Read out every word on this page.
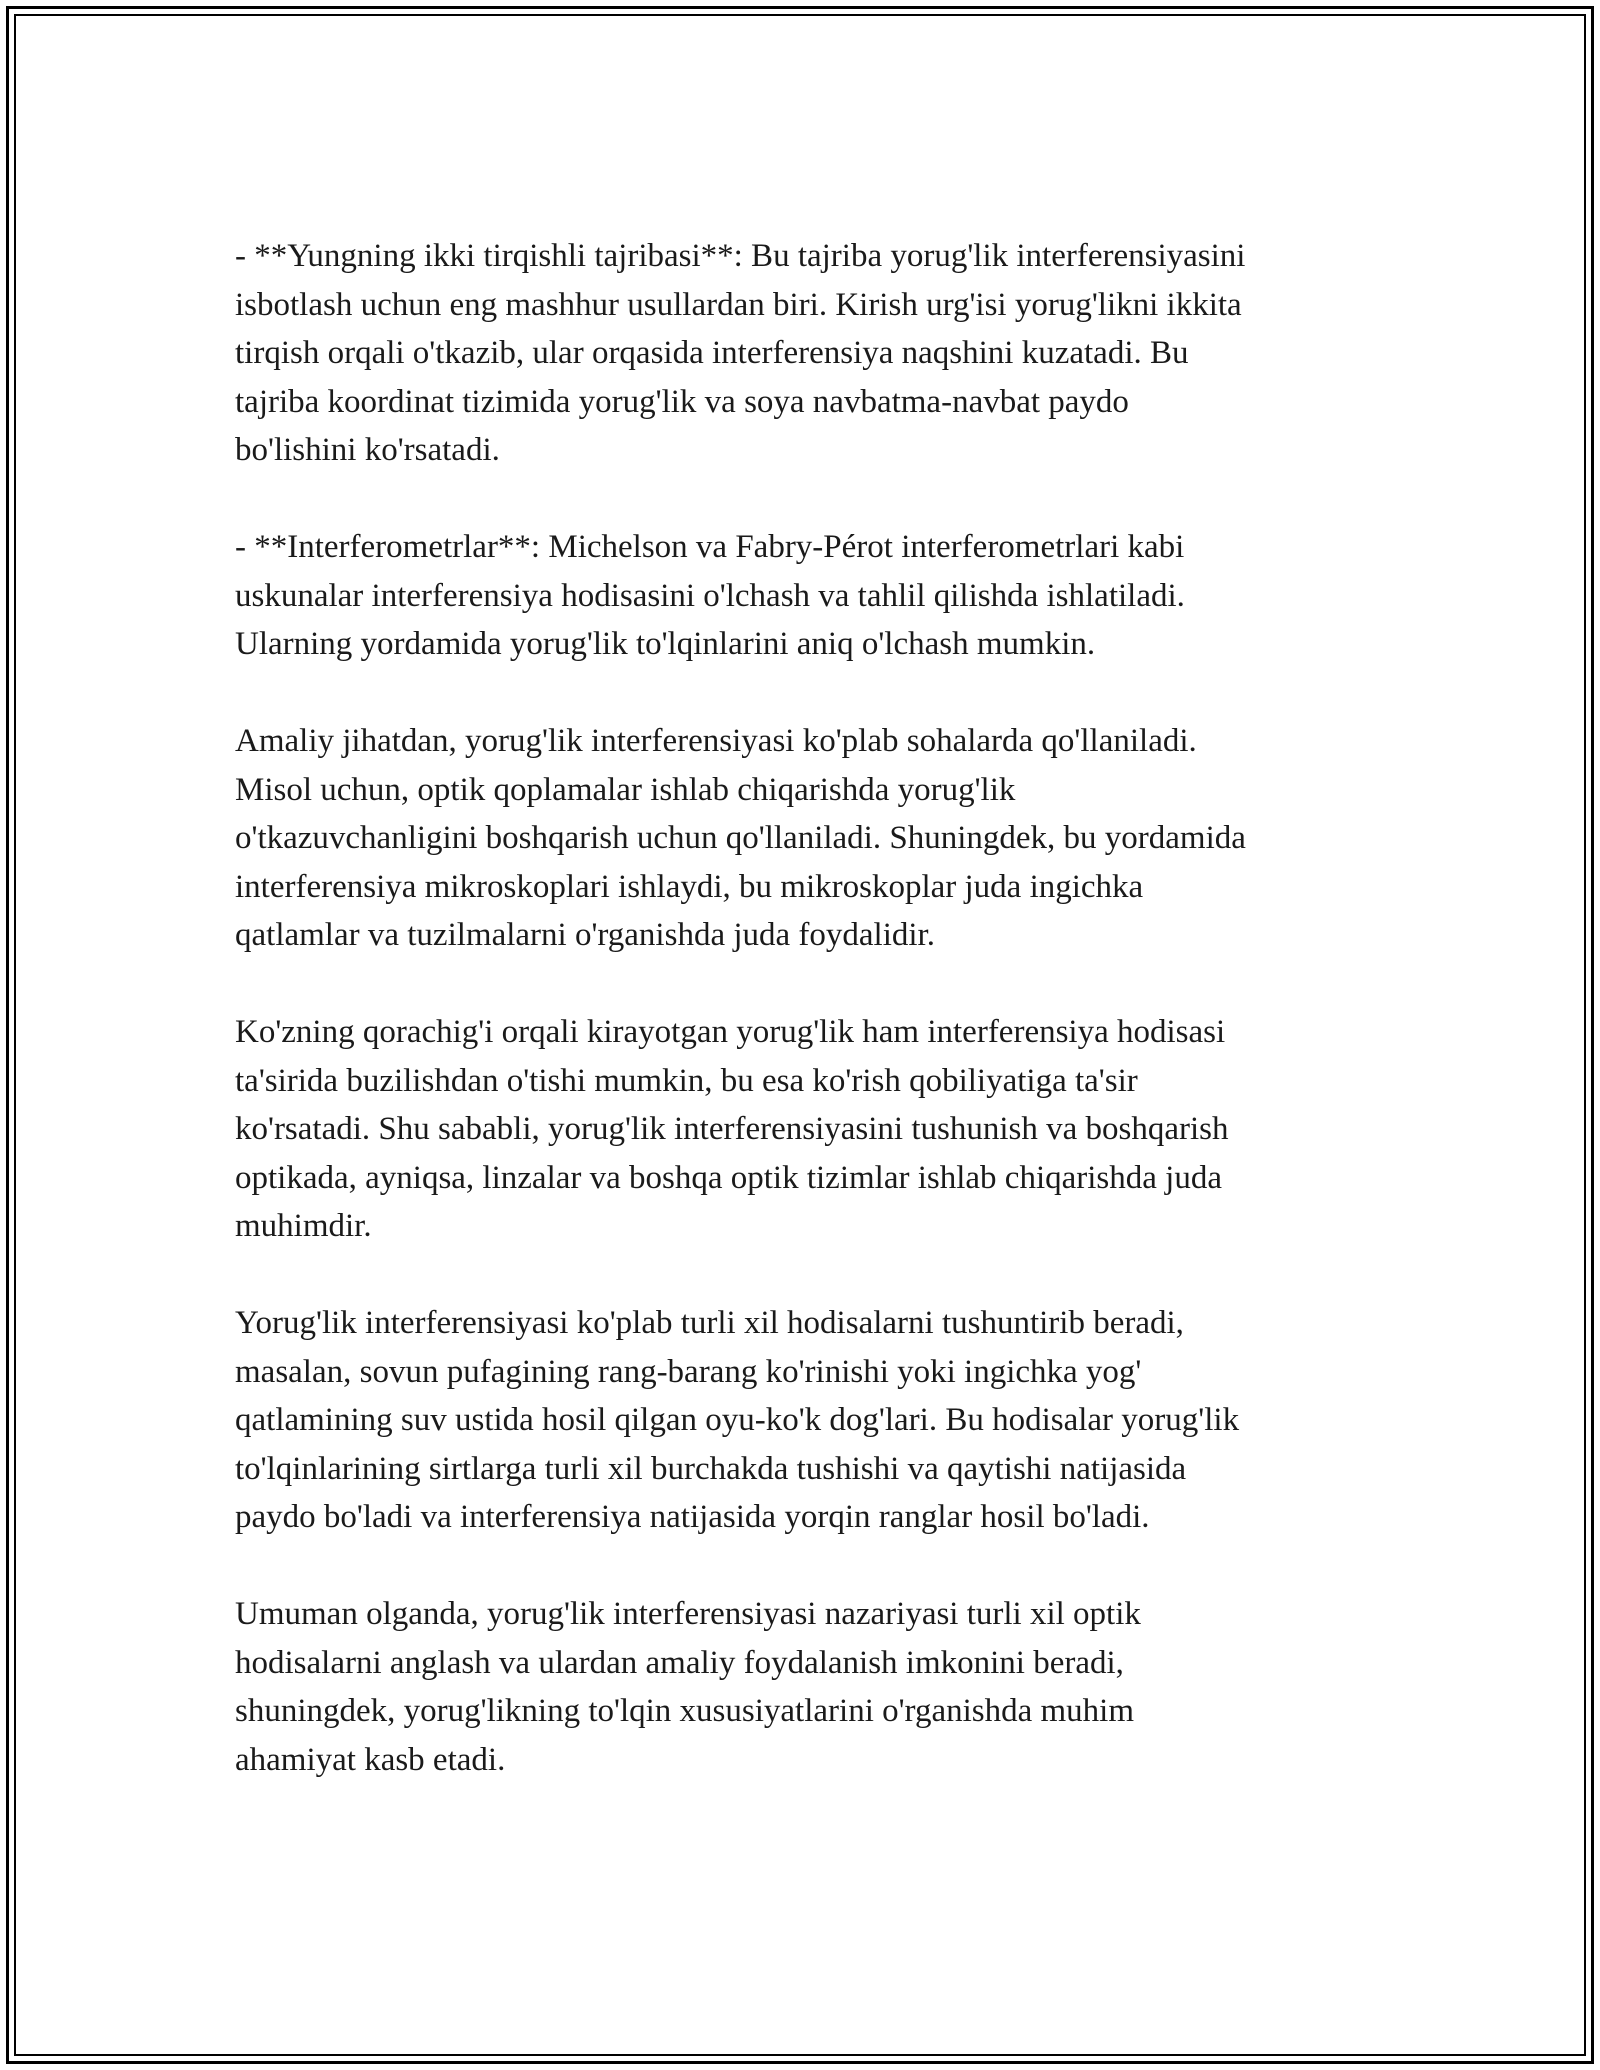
- **Yungning ikki tirqishli tajribasi**: Bu tajriba yorug'lik interferensiyasini
isbotlash uchun eng mashhur usullardan biri. Kirish urg'isi yorug'likni ikkita
tirqish orqali o'tkazib, ular orqasida interferensiya naqshini kuzatadi. Bu
tajriba koordinat tizimida yorug'lik va soya navbatma-navbat paydo
bo'lishini ko'rsatadi.

- **Interferometrlar**: Michelson va Fabry-Pérot interferometrlari kabi
uskunalar interferensiya hodisasini o'lchash va tahlil qilishda ishlatiladi.
Ularning yordamida yorug'lik to'lqinlarini aniq o'lchash mumkin.

Amaliy jihatdan, yorug'lik interferensiyasi ko'plab sohalarda qo'llaniladi.
Misol uchun, optik qoplamalar ishlab chiqarishda yorug'lik
o'tkazuvchanligini boshqarish uchun qo'llaniladi. Shuningdek, bu yordamida
interferensiya mikroskoplari ishlaydi, bu mikroskoplar juda ingichka
qatlamlar va tuzilmalarni o'rganishda juda foydalidir.

Ko'zning qorachig'i orqali kirayotgan yorug'lik ham interferensiya hodisasi
ta'sirida buzilishdan o'tishi mumkin, bu esa ko'rish qobiliyatiga ta'sir
ko'rsatadi. Shu sababli, yorug'lik interferensiyasini tushunish va boshqarish
optikada, ayniqsa, linzalar va boshqa optik tizimlar ishlab chiqarishda juda
muhimdir.

Yorug'lik interferensiyasi ko'plab turli xil hodisalarni tushuntirib beradi,
masalan, sovun pufagining rang-barang ko'rinishi yoki ingichka yog'
qatlamining suv ustida hosil qilgan oyu-ko'k dog'lari. Bu hodisalar yorug'lik
to'lqinlarining sirtlarga turli xil burchakda tushishi va qaytishi natijasida
paydo bo'ladi va interferensiya natijasida yorqin ranglar hosil bo'ladi.

Umuman olganda, yorug'lik interferensiyasi nazariyasi turli xil optik
hodisalarni anglash va ulardan amaliy foydalanish imkonini beradi,
shuningdek, yorug'likning to'lqin xususiyatlarini o'rganishda muhim
ahamiyat kasb etadi.
